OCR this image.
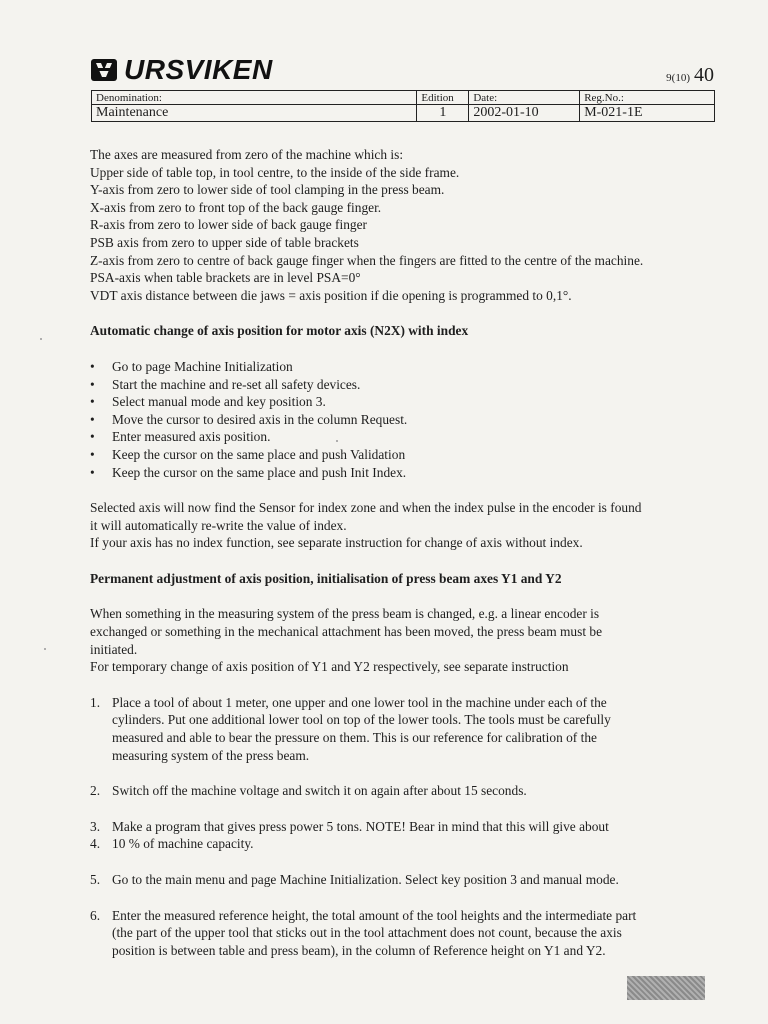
URSVIKEN	9(10) 40
Denomination:	Edition	Date:	Reg.No.:
Maintenance	1	2002-01-10	M-021-1E

The axes are measured from zero of the machine which is:

Upper side of table top, in tool centre, to the inside of the side frame.

Y-axis from zero to lower side of tool clamping in the press beam.

X-axis from zero to front top of the back gauge finger.

R-axis from zero to lower side of back gauge finger

PSB axis from zero to upper side of table brackets

Z-axis from zero to centre of back gauge finger when the fingers are fitted to the centre of the machine.

PSA-axis when table brackets are in level PSA=0°

VDT axis distance between die jaws = axis position if die opening is programmed to 0,1°.

Automatic change of axis position for motor axis (N2X) with index

• Go to page Machine Initialization
• Start the machine and re-set all safety devices.
• Select manual mode and key position 3.
• Move the cursor to desired axis in the column Request.
• Enter measured axis position.
• Keep the cursor on the same place and push Validation
• Keep the cursor on the same place and push Init Index.

Selected axis will now find the Sensor for index zone and when the index pulse in the encoder is found

it will automatically re-write the value of index.

If your axis has no index function, see separate instruction for change of axis without index.

Permanent adjustment of axis position, initialisation of press beam axes Y1 and Y2

When something in the measuring system of the press beam is changed, e.g. a linear encoder is

exchanged or something in the mechanical attachment has been moved, the press beam must be

initiated.

For temporary change of axis position of Y1 and Y2 respectively, see separate instruction

1. Place a tool of about 1 meter, one upper and one lower tool in the machine under each of the

cylinders. Put one additional lower tool on top of the lower tools. The tools must be carefully

measured and able to bear the pressure on them. This is our reference for calibration of the

measuring system of the press beam.

2. Switch off the machine voltage and switch it on again after about 15 seconds.

3. Make a program that gives press power 5 tons. NOTE! Bear in mind that this will give about

4. 10 % of machine capacity.

5. Go to the main menu and page Machine Initialization. Select key position 3 and manual mode.

6. Enter the measured reference height, the total amount of the tool heights and the intermediate part

(the part of the upper tool that sticks out in the tool attachment does not count, because the axis

position is between table and press beam), in the column of Reference height on Y1 and Y2.
